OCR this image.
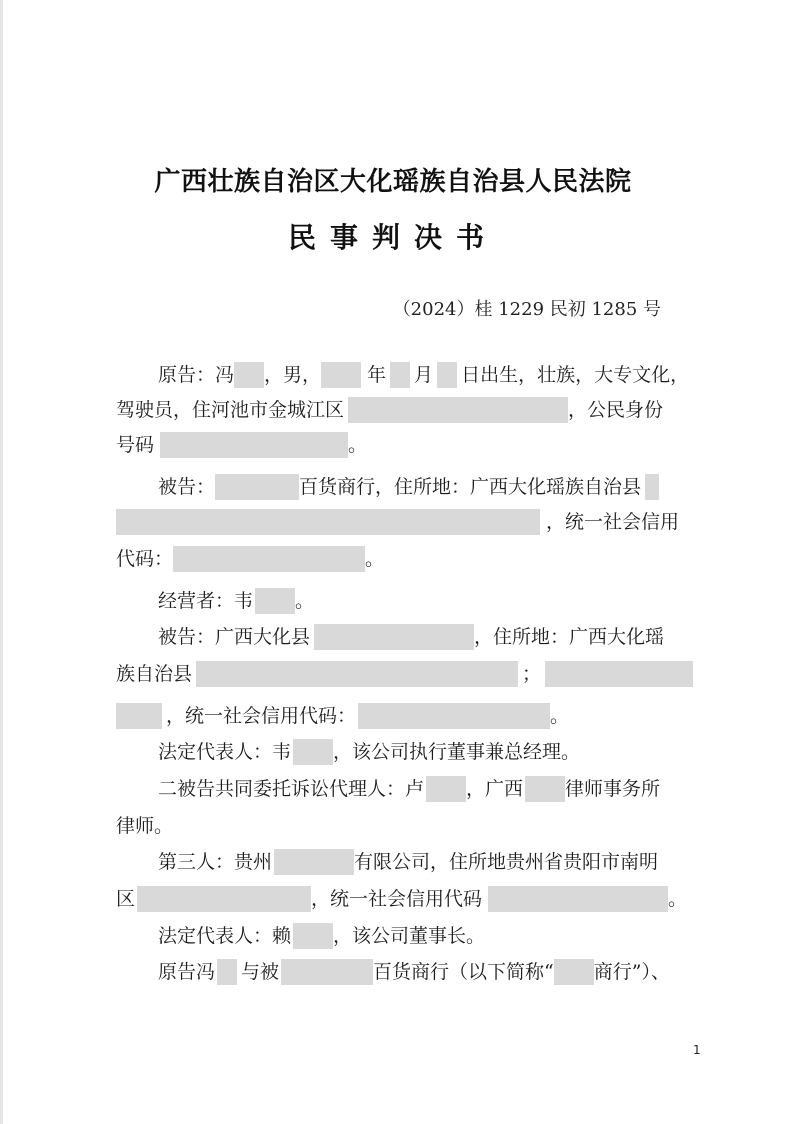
广西壮族自治区大化瑶族自治县人民法院
民事判决书
（2024）桂 1229 民初 1285 号
原告：冯 ，男， 年 月 日出生，壮族，大专文化，
驾驶员，住河池市金城江区	，公民身份
号码	。
被告：	百货商行，住所地：广西大化瑶族自治县
，统一社会信用
代码：	。
经营者：韦 。
被告：广西大化县	，住所地：广西大化瑶
族自治县	；
，统一社会信用代码：	。
法定代表人：韦 ，该公司执行董事兼总经理。
二被告共同委托诉讼代理人：卢 ，广西 律师事务所
律师。
第三人：贵州	有限公司，住所地贵州省贵阳市南明
区	，统一社会信用代码	。
法定代表人：赖 ，该公司董事长。
原告冯 与被	百货商行（以下简称“ 商行”）、
1
